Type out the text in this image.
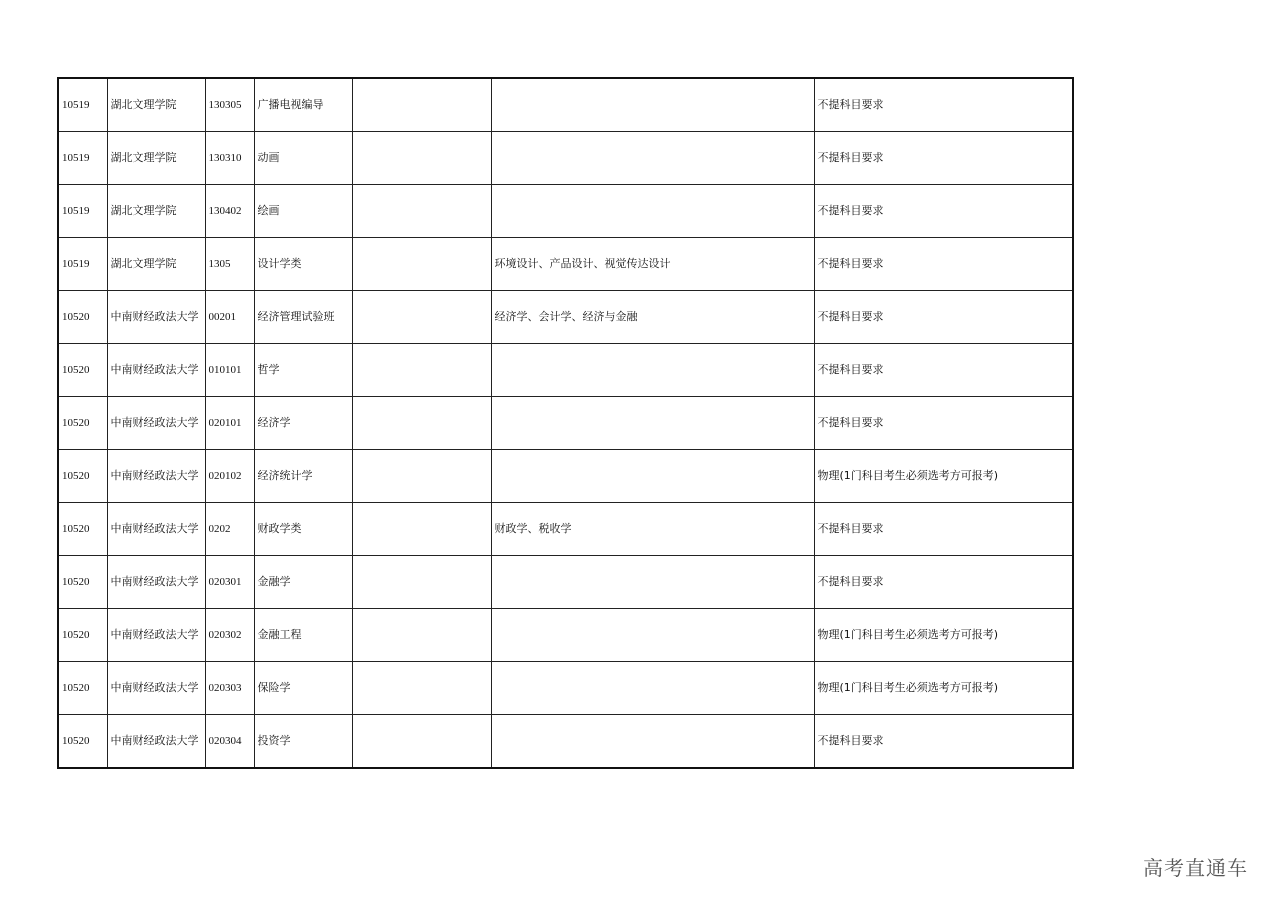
10519	湖北文理学院	130305	广播电视编导			不提科目要求
10519	湖北文理学院	130310	动画			不提科目要求
10519	湖北文理学院	130402	绘画			不提科目要求
10519	湖北文理学院	1305	设计学类		环境设计、产品设计、视觉传达设计	不提科目要求
10520	中南财经政法大学	00201	经济管理试验班		经济学、会计学、经济与金融	不提科目要求
10520	中南财经政法大学	010101	哲学			不提科目要求
10520	中南财经政法大学	020101	经济学			不提科目要求
10520	中南财经政法大学	020102	经济统计学			物理(1门科目考生必须选考方可报考)
10520	中南财经政法大学	0202	财政学类		财政学、税收学	不提科目要求
10520	中南财经政法大学	020301	金融学			不提科目要求
10520	中南财经政法大学	020302	金融工程			物理(1门科目考生必须选考方可报考)
10520	中南财经政法大学	020303	保险学			物理(1门科目考生必须选考方可报考)
10520	中南财经政法大学	020304	投资学			不提科目要求
高考直通车
